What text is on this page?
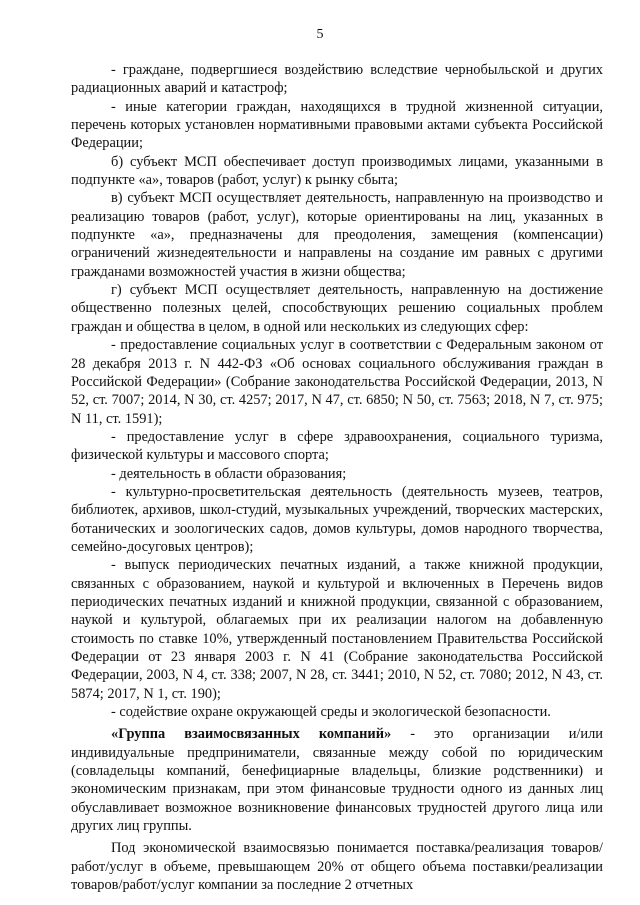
5

- граждане, подвергшиеся воздействию вследствие чернобыльской и других радиационных аварий и катастроф;

- иные категории граждан, находящихся в трудной жизненной ситуации, перечень которых установлен нормативными правовыми актами субъекта Российской Федерации;

б) субъект МСП обеспечивает доступ производимых лицами, указанными в подпункте «а», товаров (работ, услуг) к рынку сбыта;

в) субъект МСП осуществляет деятельность, направленную на производство и реализацию товаров (работ, услуг), которые ориентированы на лиц, указанных в подпункте «а», предназначены для преодоления, замещения (компенсации) ограничений жизнедеятельности и направлены на создание им равных с другими гражданами возможностей участия в жизни общества;

г) субъект МСП осуществляет деятельность, направленную на достижение общественно полезных целей, способствующих решению социальных проблем граждан и общества в целом, в одной или нескольких из следующих сфер:

- предоставление социальных услуг в соответствии с Федеральным законом от 28 декабря 2013 г. N 442-ФЗ «Об основах социального обслуживания граждан в Российской Федерации» (Собрание законодательства Российской Федерации, 2013, N 52, ст. 7007; 2014, N 30, ст. 4257; 2017, N 47, ст. 6850; N 50, ст. 7563; 2018, N 7, ст. 975; N 11, ст. 1591);

- предоставление услуг в сфере здравоохранения, социального туризма, физической культуры и массового спорта;

- деятельность в области образования;

- культурно-просветительская деятельность (деятельность музеев, театров, библиотек, архивов, школ-студий, музыкальных учреждений, творческих мастерских, ботанических и зоологических садов, домов культуры, домов народного творчества, семейно-досуговых центров);

- выпуск периодических печатных изданий, а также книжной продукции, связанных с образованием, наукой и культурой и включенных в Перечень видов периодических печатных изданий и книжной продукции, связанной с образованием, наукой и культурой, облагаемых при их реализации налогом на добавленную стоимость по ставке 10%, утвержденный постановлением Правительства Российской Федерации от 23 января 2003 г. N 41 (Собрание законодательства Российской Федерации, 2003, N 4, ст. 338; 2007, N 28, ст. 3441; 2010, N 52, ст. 7080; 2012, N 43, ст. 5874; 2017, N 1, ст. 190);

- содействие охране окружающей среды и экологической безопасности.

«Группа взаимосвязанных компаний» - это организации и/или индивидуальные предприниматели, связанные между собой по юридическим (совладельцы компаний, бенефициарные владельцы, близкие родственники) и экономическим признакам, при этом финансовые трудности одного из данных лиц обуславливает возможное возникновение финансовых трудностей другого лица или других лиц группы.

Под экономической взаимосвязью понимается поставка/реализация товаров/работ/услуг в объеме, превышающем 20% от общего объема поставки/реализации товаров/работ/услуг компании за последние 2 отчетных
